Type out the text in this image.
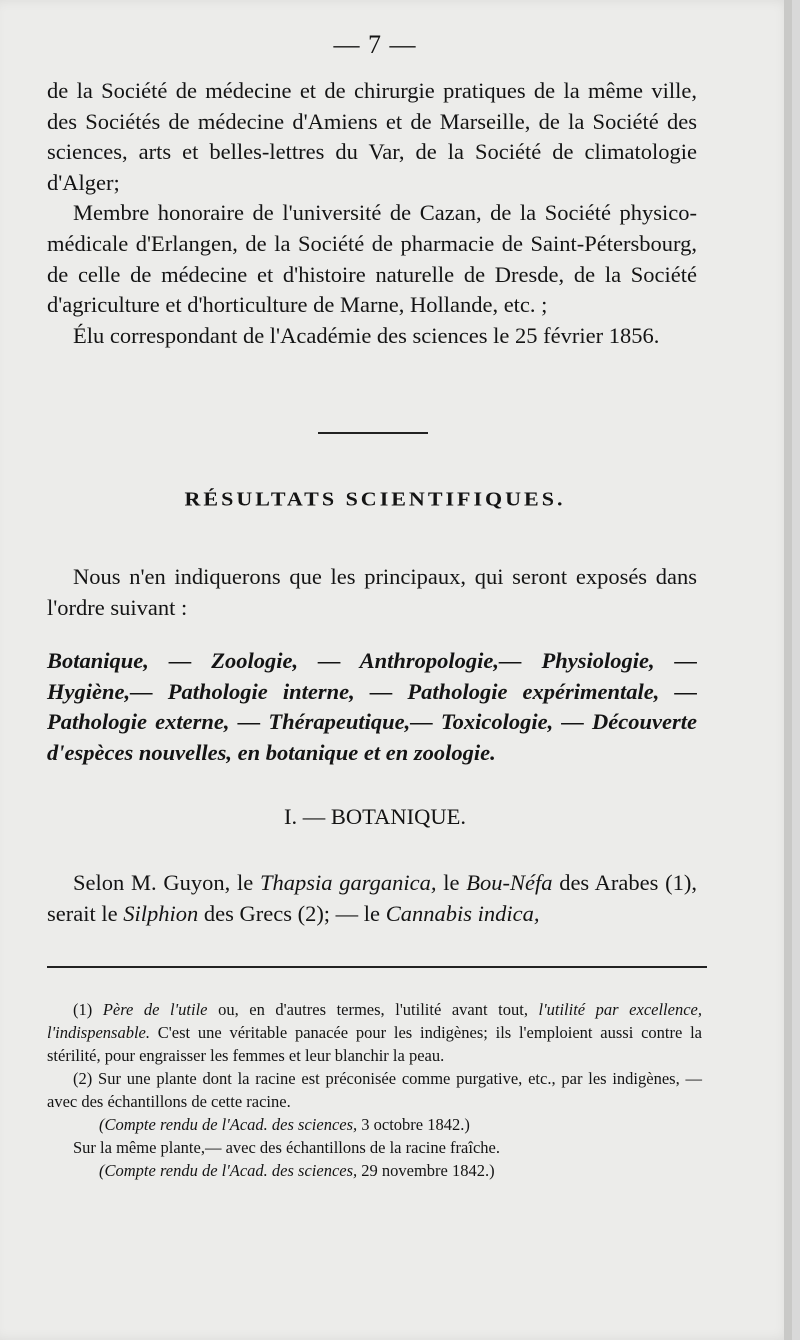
— 7 —

de la Société de médecine et de chirurgie pratiques de la même ville, des Sociétés de médecine d'Amiens et de Marseille, de la Société des sciences, arts et belles-lettres du Var, de la Société de climatologie d'Alger;

Membre honoraire de l'université de Cazan, de la Société physico-médicale d'Erlangen, de la Société de pharmacie de Saint-Pétersbourg, de celle de médecine et d'histoire naturelle de Dresde, de la Société d'agriculture et d'horticulture de Marne, Hollande, etc. ;

Élu correspondant de l'Académie des sciences le 25 février 1856.

RÉSULTATS SCIENTIFIQUES.

Nous n'en indiquerons que les principaux, qui seront exposés dans l'ordre suivant :

Botanique, — Zoologie, — Anthropologie,— Physiologie, — Hygiène,— Pathologie interne, — Pathologie expérimentale, — Pathologie externe, — Thérapeutique,— Toxicologie, — Découverte d'espèces nouvelles, en botanique et en zoologie.
I. — BOTANIQUE.

Selon M. Guyon, le Thapsia garganica, le Bou-Néfa des Arabes (1), serait le Silphion des Grecs (2); — le Cannabis indica,

(1) Père de l'utile ou, en d'autres termes, l'utilité avant tout, l'utilité par excellence, l'indispensable. C'est une véritable panacée pour les indigènes; ils l'emploient aussi contre la stérilité, pour engraisser les femmes et leur blanchir la peau.

(2) Sur une plante dont la racine est préconisée comme purgative, etc., par les indigènes, — avec des échantillons de cette racine.

(Compte rendu de l'Acad. des sciences, 3 octobre 1842.)

Sur la même plante,— avec des échantillons de la racine fraîche.

(Compte rendu de l'Acad. des sciences, 29 novembre 1842.)
